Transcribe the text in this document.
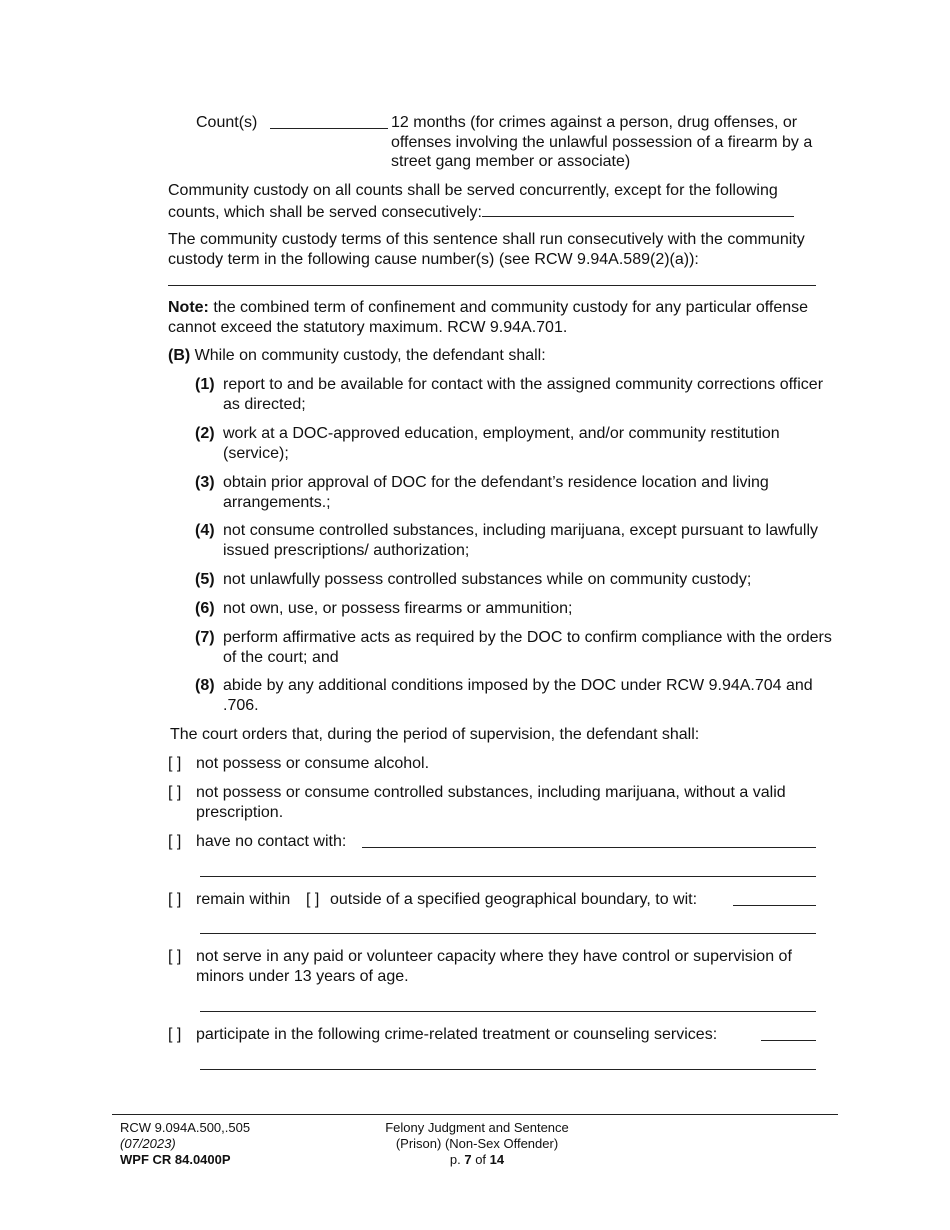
Count(s)	12 months (for crimes against a person, drug offenses, or offenses involving the unlawful possession of a firearm by a street gang member or associate)
Community custody on all counts shall be served concurrently, except for the following counts, which shall be served consecutively:
The community custody terms of this sentence shall run consecutively with the community custody term in the following cause number(s) (see RCW 9.94A.589(2)(a)):
Note: the combined term of confinement and community custody for any particular offense cannot exceed the statutory maximum. RCW 9.94A.701.
(B) While on community custody, the defendant shall:
(1) report to and be available for contact with the assigned community corrections officer as directed;
(2) work at a DOC-approved education, employment, and/or community restitution (service);
(3) obtain prior approval of DOC for the defendant’s residence location and living arrangements.;
(4) not consume controlled substances, including marijuana, except pursuant to lawfully issued prescriptions/ authorization;
(5) not unlawfully possess controlled substances while on community custody;
(6) not own, use, or possess firearms or ammunition;
(7) perform affirmative acts as required by the DOC to confirm compliance with the orders of the court; and
(8) abide by any additional conditions imposed by the DOC under RCW 9.94A.704 and .706.
The court orders that, during the period of supervision, the defendant shall:
[ ] not possess or consume alcohol.
[ ] not possess or consume controlled substances, including marijuana, without a valid prescription.
[ ] have no contact with:
[ ] remain within [ ] outside of a specified geographical boundary, to wit:
[ ] not serve in any paid or volunteer capacity where they have control or supervision of minors under 13 years of age.
[ ] participate in the following crime-related treatment or counseling services:
RCW 9.094A.500,.505
(07/2023)
WPF CR 84.0400P
Felony Judgment and Sentence
(Prison) (Non-Sex Offender)
p. 7 of 14
